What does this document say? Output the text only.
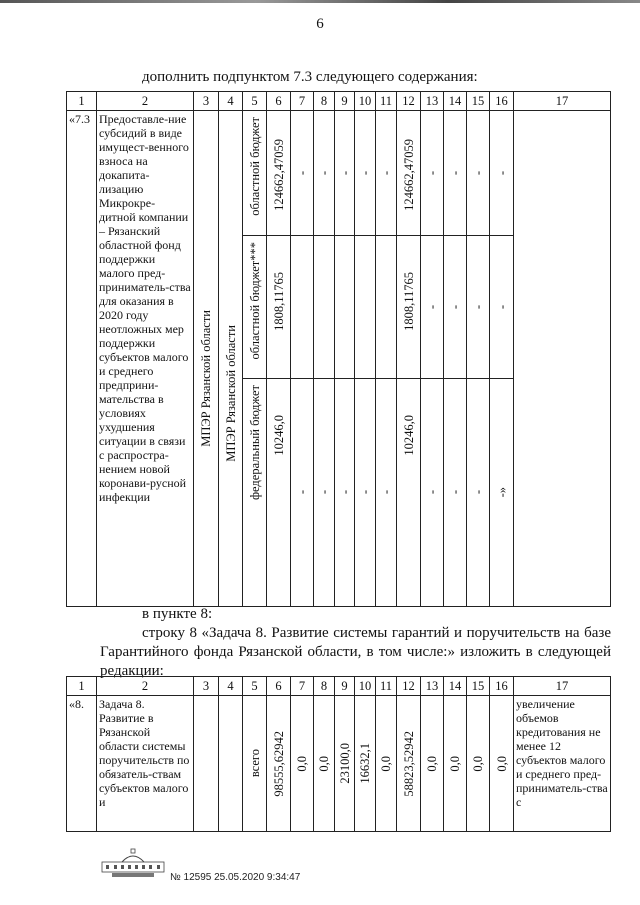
6
дополнить подпунктом 7.3 следующего содержания:
1	2	3	4	5	6	7	8	9	10	11	12	13	14	15	16	17
«7.3	Предоставле-ние субсидий в виде имущест-венного взноса на докапита-лизацию Микрокре-дитной компании – Рязанский областной фонд поддержки малого пред-приниматель-ства для оказания в 2020 году неотложных мер поддержки субъектов малого и среднего предприни-мательства в условиях ухудшения ситуации в связи с распростра-нением новой коронави-русной инфекции	МПЭР Рязанской области	МПЭР Рязанской области	областной бюджет	124662,47059	-	-	-	-	-	124662,47059	-	-	-	-	

				областной бюджет***	1808,11765						1808,11765	-	-	-	-	

				федеральный бюджет	10246,0	-	-	-	-	-	10246,0	-	-	-	-»	
в пункте 8:
строку 8 «Задача 8. Развитие системы гарантий и поручительств на базе Гарантийного фонда Рязанской области, в том числе:» изложить в следующей редакции:
1	2	3	4	5	6	7	8	9	10	11	12	13	14	15	16	17
«8.	Задача 8. Развитие в Рязанской области системы поручительств по обязатель-ствам субъектов малого и			всего	98555,62942	0,0	0,0	23100,0	16632,1	0,0	58823,52942	0,0	0,0	0,0	0,0	увеличение объемов кредитования не менее 12 субъектов малого и среднего пред-приниматель-ства с
№ 12595 25.05.2020 9:34:47
